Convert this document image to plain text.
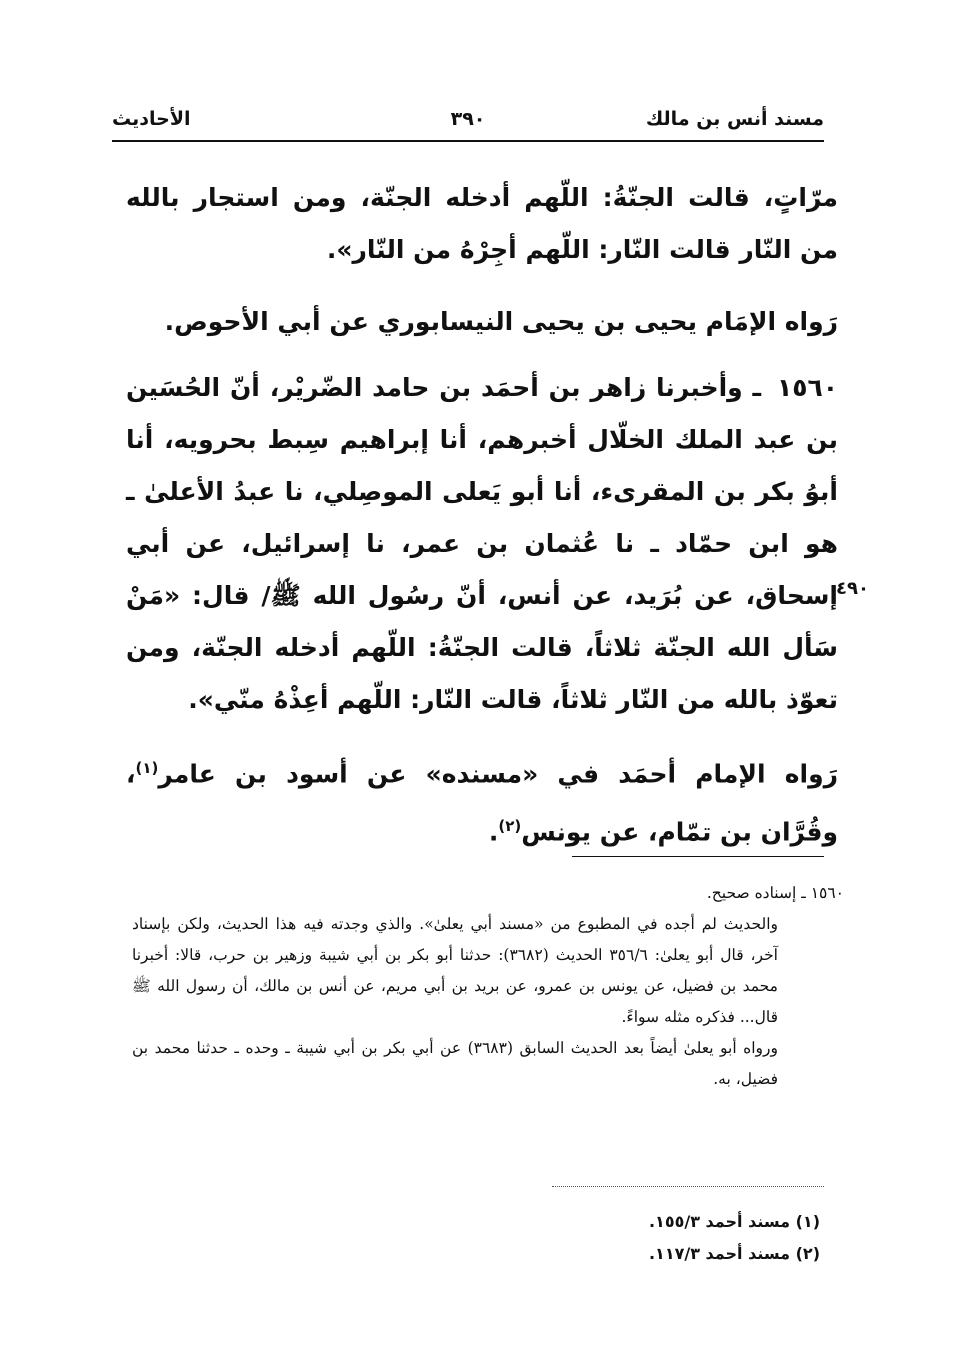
مسند أنس بن مالك
٣٩٠
الأحاديث
مرّاتٍ، قالت الجنّةُ: اللّهم أدخله الجنّة، ومن استجار بالله من النّار قالت النّار: اللّهم أجِرْهُ من النّار».
رَواه الإمَام يحيى بن يحيى النيسابوري عن أبي الأحوص.
١٥٦٠ ـ وأخبرنا زاهر بن أحمَد بن حامد الضّريْر، أنّ الحُسَين بن عبد الملك الخلّال أخبرهم، أنا إبراهيم سِبط بحرويه، أنا أبوُ بكر بن المقرىء، أنا أبو يَعلى الموصِلي، نا عبدُ الأعلىٰ ـ هو ابن حمّاد ـ نا عُثمان بن عمر، نا إسرائيل، عن أبي إسحاق، عن بُرَيد، عن أنس، أنّ رسُول الله ﷺ/ قال: «مَنْ سَأل الله الجنّة ثلاثاً، قالت الجنّةُ: اللّهم أدخله الجنّة، ومن تعوّذ بالله من النّار ثلاثاً، قالت النّار: اللّهم أعِذْهُ منّي».
٤٩٠
رَواه الإمام أحمَد في «مسنده» عن أسود بن عامر$^{(١)}$، وقُرَّان بن تمّام، عن يونس$^{(٢)}$.
١٥٦٠ ـ إسناده صحيح.
والحديث لم أجده في المطبوع من «مسند أبي يعلىٰ». والذي وجدته فيه هذا الحديث، ولكن بإسناد آخر، قال أبو يعلىٰ: ٣٥٦/٦ الحديث (٣٦٨٢): حدثنا أبو بكر بن أبي شيبة وزهير بن حرب، قالا: أخبرنا محمد بن فضيل، عن يونس بن عمرو، عن بريد بن أبي مريم، عن أنس بن مالك، أن رسول الله ﷺ قال... فذكره مثله سواءً.
ورواه أبو يعلىٰ أيضاً بعد الحديث السابق (٣٦٨٣) عن أبي بكر بن أبي شيبة ـ وحده ـ حدثنا محمد بن فضيل، به.
(١) مسند أحمد ١٥٥/٣.
(٢) مسند أحمد ١١٧/٣.
